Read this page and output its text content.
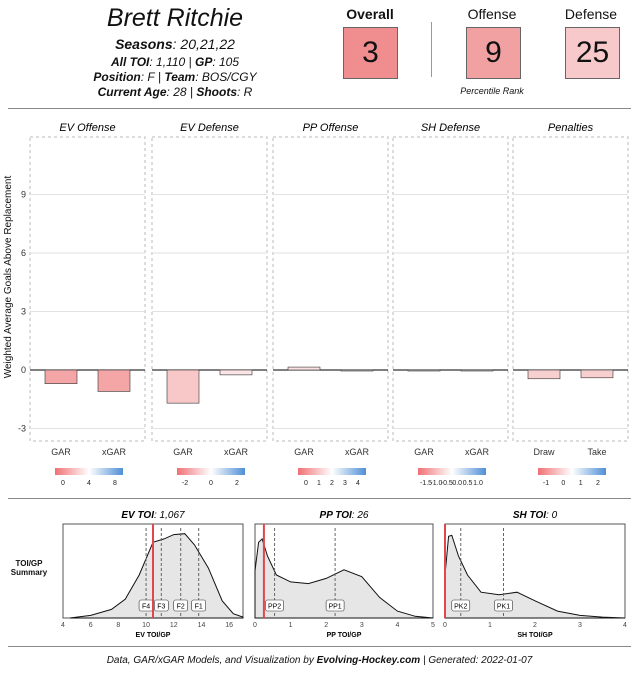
Brett Ritchie
Seasons: 20,21,22
All TOI: 1,110 | GP: 105
Position: F | Team: BOS/CGY
Current Age: 28 | Shoots: R
Overall
3
Offense
9
Defense
25
Percentile Rank
EV Offense
GAR	xGAR
0	4	8
EV Defense
GAR	xGAR
-2	0	2
PP Offense
GAR	xGAR
0 1 2 3 4
SH Defense
GAR	xGAR
-1.5
-1.0
-0.5 0.0 0.5 1.0
Penalties
Draw	Take
-1 0 1 2
-3
0
3
6
9
Weighted Average Goals Above Replacement
EV TOI: 1,067
F4 F3 F2 F1
4	6	8	10	12	14	16
EV TOI/GP
PP TOI: 26
PP2	PP1
0	1	2	3	4	5
PP TOI/GP
SH TOI: 0
PK2	PK1
0	1	2	3	4
SH TOI/GP
TOI/GP
Summary
Data, GAR/xGAR Models, and Visualization by Evolving-Hockey.com | Generated: 2022-01-07
